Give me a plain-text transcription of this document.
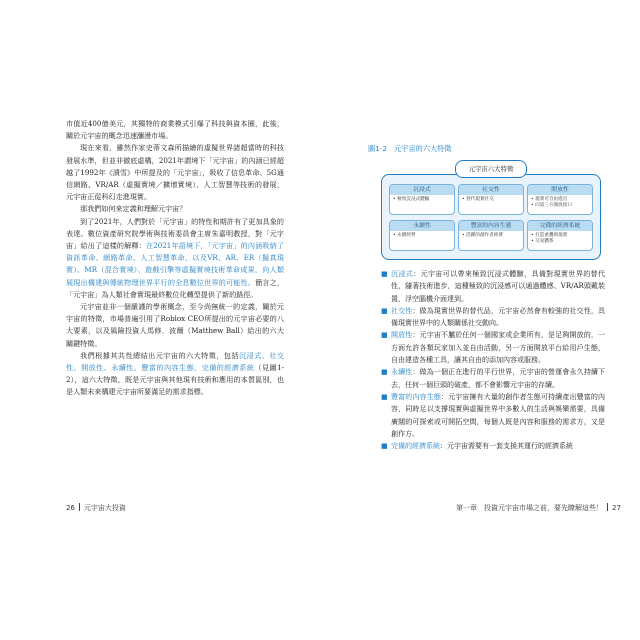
市值近400億美元，其獨特的商業模式引爆了科技與資本圈，此後，關於元宇宙的概念迅速瀰漫市場。

現在來看，雖然作家史蒂文森所描繪的虛擬世界諸超當時的科技發展水準，但並非徹底虛構，2021年謂境下「元宇宙」的內涵已經超越了1992年《潰雪》中所提及的「元宇宙」，吸收了信息革命、5G通信網路、VR/AR（虛擬實境／擴增實境）、人工智慧等技術的發展，元宇宙正從科幻走進現實。

那我們如何來定義和理解元宇宙？

到了2021年，人們對於「元宇宙」的特性和期許有了更加具象的表達。數位資產研究院學術與技術委員會主席朱嘉明教授，對「元宇宙」給出了這樣的解釋：在2021年語境下，「元宇宙」的內涵吸納了資訊革命、網路革命、人工智慧革命，以及VR、AR、ER（擬真現實）、MR（混合實境）、遊戲引擎等虛擬實境技術革命成果，向人類展現出構建與傳統物理世界平行的全息數位世界的可能性。簡言之，「元宇宙」為人類社會實現最終數位化轉型提供了新的路徑。

元宇宙並非一個嚴謹的學術概念，至今尚無統一的定義，關於元宇宙的特徵，市場普遍引用了Roblox CEO所提出的元宇宙必要的八大要素，以及風險投資人馬修．波爾（Matthew Ball）給出的六大關鍵特徵。

我們根據其共性總結出元宇宙的六大特徵，包括沉浸式、社交性、開放性、永續性、豐富的內容生態、完備的經濟系統（見圖1-2），這六大特徵，既是元宇宙與其他現有技術和應用的本質區別，也是人類未來構建元宇宙所要滿足的需求指標。

26 元宇宙大投資
圖1-2　元宇宙的六大特徵
元宇宙六大特徵
沉浸式
• 極致沉浸式體驗
社交性
• 替代現實社交
開放性
• 現實可自由進出
• 向第三方開放接口
永續性
• 永續經營
豐富的內容生態
• 活躍的創作者經濟
完備的經濟系統
• 打造重疊與現實
• 交易體系

■ 沉浸式：元宇宙可以帶來極致沉浸式體驗，具備對現實世界的替代性，隨著技術進步，這種極致的沉浸感可以通過體感、VR/AR頭戴裝置，浮空腦機介面達到。

■ 社交性：做為現實世界的替代品，元宇宙必然會有較強的社交性，具備現實世界中的人類關係社交動向。

■ 開放性：元宇宙不屬於任何一個國家或企業所有，是足夠開放的，一方面允許各類玩家加入並自由活動，另一方面開放平台給用戶生態，自由建造各種工具，讓其自由的添加內容或服務。

■ 永續性：做為一個正在進行的平行世界，元宇宙的營運會永久持續下去，任何一個巨頭的破產，都不會影響元宇宙的存續。

■ 豐富的內容生態：元宇宙擁有大量的創作者生態可持續產出豐富的內容，同時足以支撐現實與虛擬世界中多數人的生活與娛樂需要，具備廣闊的可探索或可開拓空間，每個人既是內容和服務的需求方，又是創作方。

■ 完備的經濟系統：元宇宙需要有一套支援其運行的經濟系統

第一章　投資元宇宙市場之前，要先瞭解這些！ 27
